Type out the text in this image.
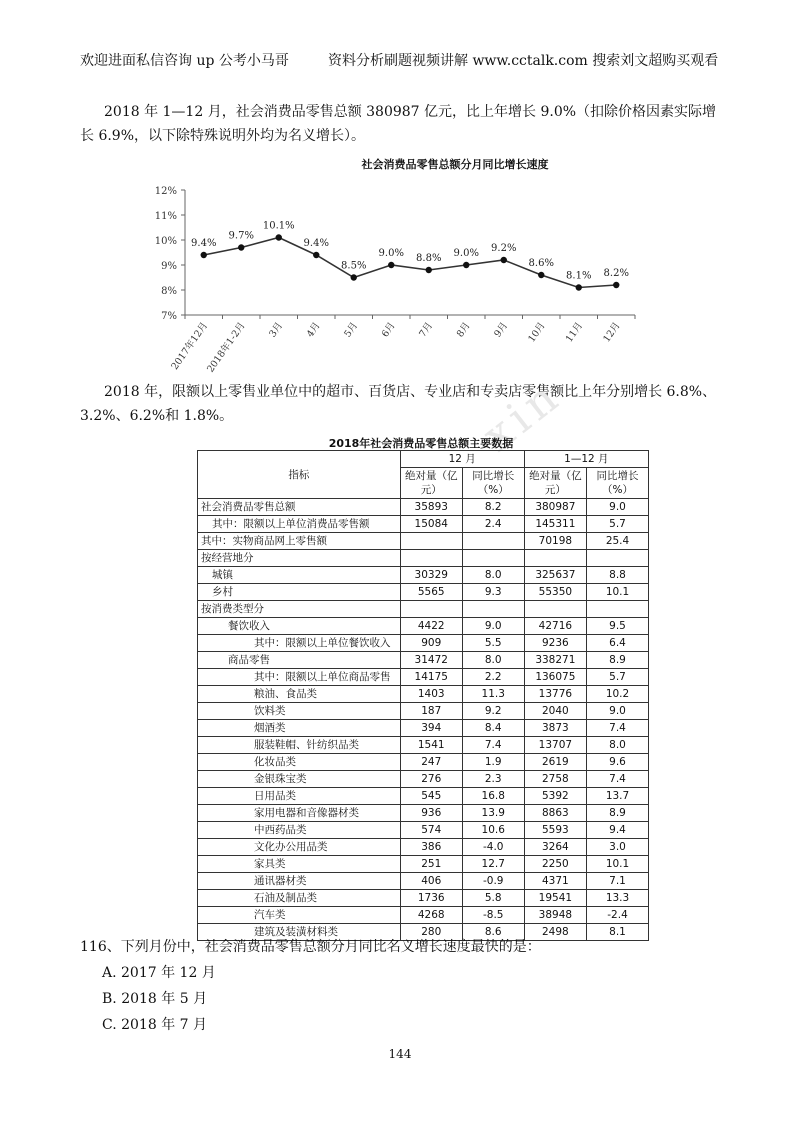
欢迎进面私信咨询 up 公考小马哥	资料分析刷题视频讲解 www.cctalk.com 搜索刘文超购买观看
2018 年 1—12 月，社会消费品零售总额 380987 亿元，比上年增长 9.0%（扣除价格因素实际增长 6.9%，以下除特殊说明外均为名义增长）。
社会消费品零售总额分月同比增长速度
7%
8%
9%
10%
11%
12%
9.4%
9.7%
10.1%
9.4%
8.5%
9.0% 8.8% 9.0% 9.2%
8.6%
8.1% 8.2%
2017年12月
2018年1-2月 3月 4月 5月 6月 7月 8月 9月 10月 11月 12月
2018 年，限额以上零售业单位中的超市、百货店、专业店和专卖店零售额比上年分别增长 6.8%、3.2%、6.2%和 1.8%。	xin
2018年社会消费品零售总额主要数据
指标	12 月		1—12 月	
	绝对量（亿元）	同比增长（%）	绝对量（亿元）	同比增长（%）
社会消费品零售总额	35893	8.2	380987	9.0
其中：限额以上单位消费品零售额	15084	2.4	145311	5.7
其中：实物商品网上零售额			70198	25.4
按经营地分				
城镇	30329	8.0	325637	8.8
乡村	5565	9.3	55350	10.1
按消费类型分				
餐饮收入	4422	9.0	42716	9.5
其中：限额以上单位餐饮收入	909	5.5	9236	6.4
商品零售	31472	8.0	338271	8.9
其中：限额以上单位商品零售	14175	2.2	136075	5.7
粮油、食品类	1403	11.3	13776	10.2
饮料类	187	9.2	2040	9.0
烟酒类	394	8.4	3873	7.4
服装鞋帽、针纺织品类	1541	7.4	13707	8.0
化妆品类	247	1.9	2619	9.6
金银珠宝类	276	2.3	2758	7.4
日用品类	545	16.8	5392	13.7
家用电器和音像器材类	936	13.9	8863	8.9
中西药品类	574	10.6	5593	9.4
文化办公用品类	386	-4.0	3264	3.0
家具类	251	12.7	2250	10.1
通讯器材类	406	-0.9	4371	7.1
石油及制品类	1736	5.8	19541	13.3
汽车类	4268	-8.5	38948	-2.4
建筑及装潢材料类	280	8.6	2498	8.1
116、下列月份中，社会消费品零售总额分月同比名义增长速度最快的是：
A. 2017 年 12 月
B. 2018 年 5 月
C. 2018 年 7 月
144
